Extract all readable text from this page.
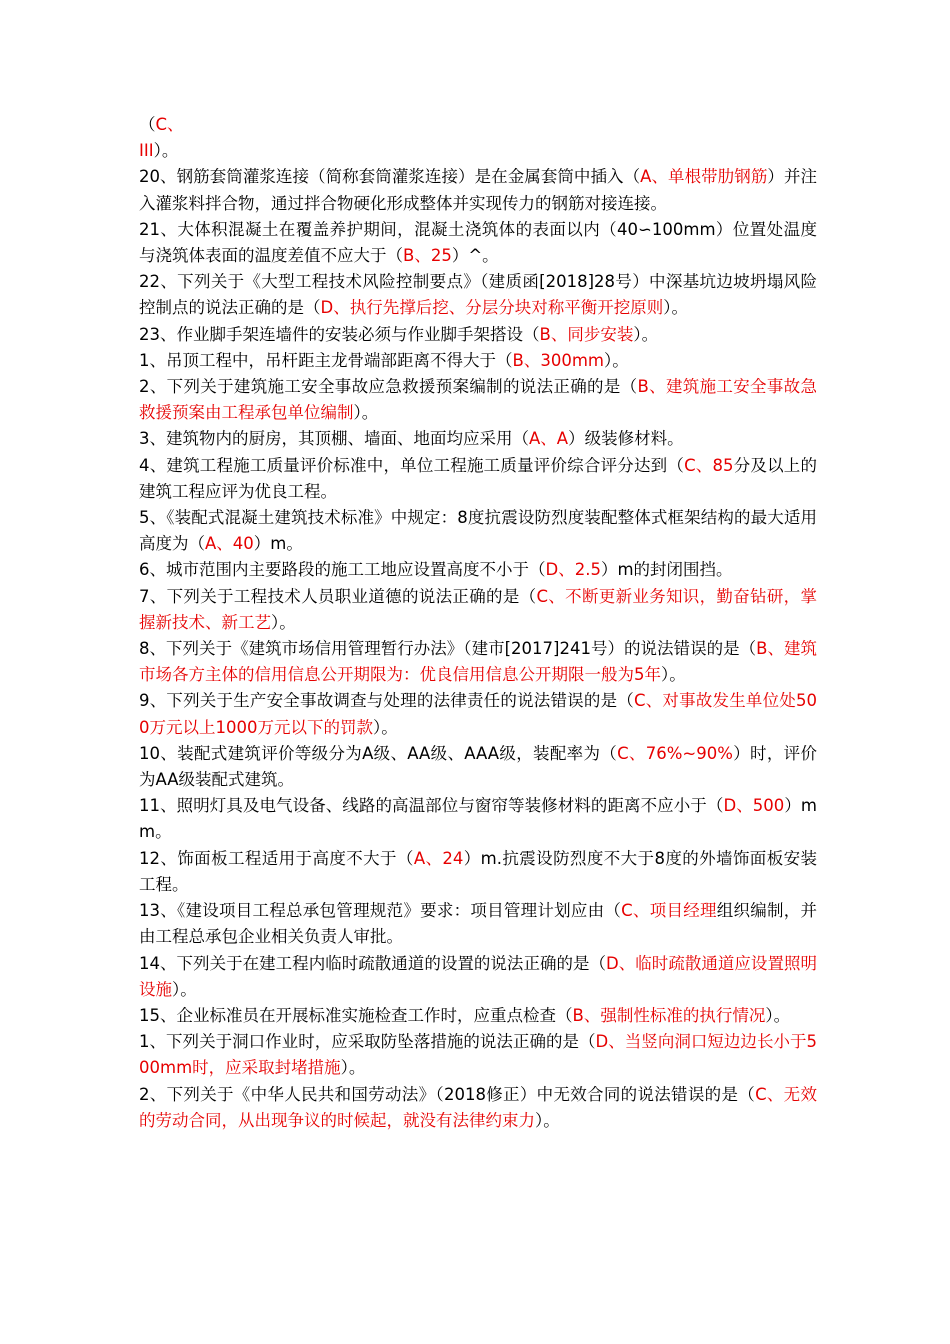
（C、

III）。

20、钢筋套筒灌浆连接（简称套筒灌浆连接）是在金属套筒中插入（A、单根带肋钢筋）并注入灌浆料拌合物，通过拌合物硬化形成整体并实现传力的钢筋对接连接。

21、大体积混凝土在覆盖养护期间，混凝土浇筑体的表面以内（40∽100mm）位置处温度与浇筑体表面的温度差值不应大于（B、25）^。

22、下列关于《大型工程技术风险控制要点》（建质函[2018]28号）中深基坑边坡坍塌风险控制点的说法正确的是（D、执行先撑后挖、分层分块对称平衡开挖原则）。

23、作业脚手架连墙件的安装必须与作业脚手架搭设（B、同步安装）。

1、吊顶工程中，吊杆距主龙骨端部距离不得大于（B、300mm）。

2、下列关于建筑施工安全事故应急救援预案编制的说法正确的是（B、建筑施工安全事故急救援预案由工程承包单位编制）。

3、建筑物内的厨房，其顶棚、墙面、地面均应采用（A、A）级装修材料。

4、建筑工程施工质量评价标准中，单位工程施工质量评价综合评分达到（C、85分及以上的建筑工程应评为优良工程。

5、《装配式混凝土建筑技术标准》中规定：8度抗震设防烈度装配整体式框架结构的最大适用高度为（A、40）m。

6、城市范围内主要路段的施工工地应设置高度不小于（D、2.5）m的封闭围挡。

7、下列关于工程技术人员职业道德的说法正确的是（C、不断更新业务知识，勤奋钻研，掌握新技术、新工艺）。

8、下列关于《建筑市场信用管理暂行办法》（建市[2017]241号）的说法错误的是（B、建筑市场各方主体的信用信息公开期限为：优良信用信息公开期限一般为5年）。

9、下列关于生产安全事故调查与处理的法律责任的说法错误的是（C、对事故发生单位处500万元以上1000万元以下的罚款）。

10、装配式建筑评价等级分为A级、AA级、AAA级，装配率为（C、76%~90%）时，评价为AA级装配式建筑。

11、照明灯具及电气设备、线路的高温部位与窗帘等装修材料的距离不应小于（D、500）mm。

12、饰面板工程适用于高度不大于（A、24）m.抗震设防烈度不大于8度的外墙饰面板安装工程。

13、《建设项目工程总承包管理规范》要求：项目管理计划应由（C、项目经理组织编制，并由工程总承包企业相关负责人审批。

14、下列关于在建工程内临时疏散通道的设置的说法正确的是（D、临时疏散通道应设置照明设施）。

15、企业标准员在开展标准实施检查工作时，应重点检查（B、强制性标准的执行情况）。

1、下列关于洞口作业时，应采取防坠落措施的说法正确的是（D、当竖向洞口短边边长小于500mm时，应采取封堵措施）。

2、下列关于《中华人民共和国劳动法》（2018修正）中无效合同的说法错误的是（C、无效的劳动合同，从出现争议的时候起，就没有法律约束力）。
